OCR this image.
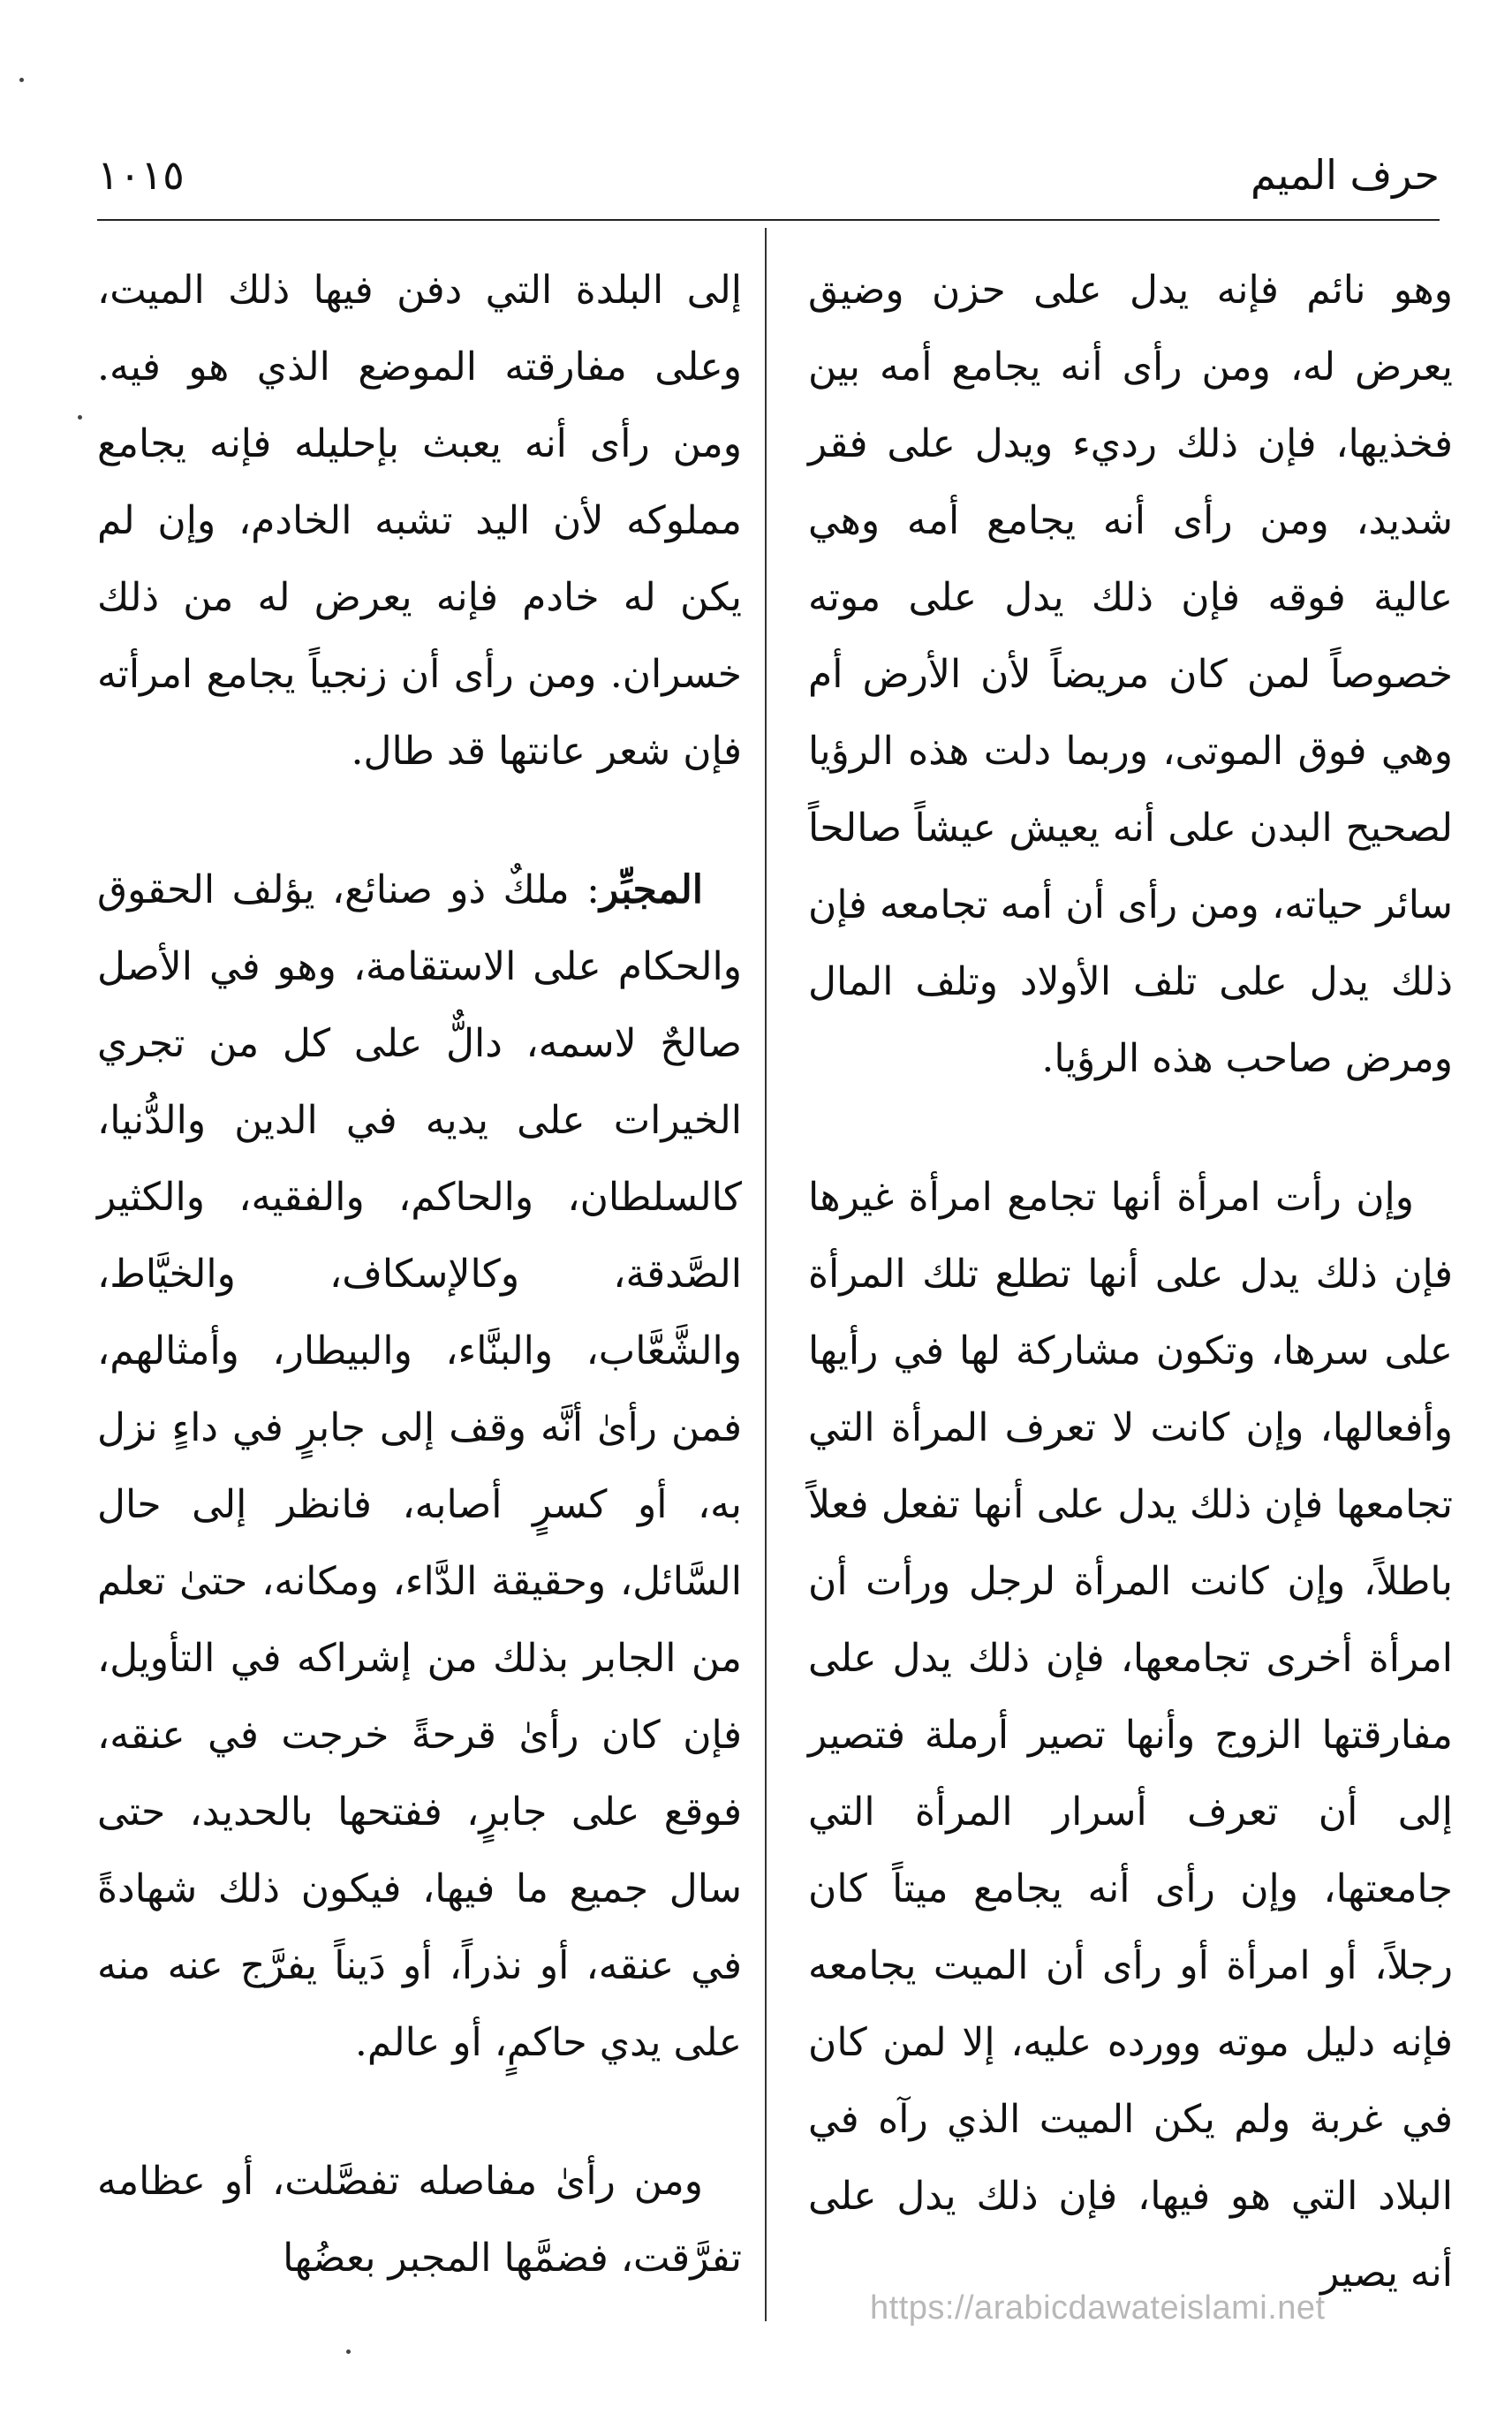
حرف الميم
١٠١٥

وهو نائم فإنه يدل على حزن وضيق يعرض له، ومن رأى أنه يجامع أمه بين فخذيها، فإن ذلك رديء ويدل على فقر شديد، ومن رأى أنه يجامع أمه وهي عالية فوقه فإن ذلك يدل على موته خصوصاً لمن كان مريضاً لأن الأرض أم وهي فوق الموتى، وربما دلت هذه الرؤيا لصحيح البدن على أنه يعيش عيشاً صالحاً سائر حياته، ومن رأى أن أمه تجامعه فإن ذلك يدل على تلف الأولاد وتلف المال ومرض صاحب هذه الرؤيا.

وإن رأت امرأة أنها تجامع امرأة غيرها فإن ذلك يدل على أنها تطلع تلك المرأة على سرها، وتكون مشاركة لها في رأيها وأفعالها، وإن كانت لا تعرف المرأة التي تجامعها فإن ذلك يدل على أنها تفعل فعلاً باطلاً، وإن كانت المرأة لرجل ورأت أن امرأة أخرى تجامعها، فإن ذلك يدل على مفارقتها الزوج وأنها تصير أرملة فتصير إلى أن تعرف أسرار المرأة التي جامعتها، وإن رأى أنه يجامع ميتاً كان رجلاً، أو امرأة أو رأى أن الميت يجامعه فإنه دليل موته وورده عليه، إلا لمن كان في غربة ولم يكن الميت الذي رآه في البلاد التي هو فيها، فإن ذلك يدل على أنه يصير

إلى البلدة التي دفن فيها ذلك الميت، وعلى مفارقته الموضع الذي هو فيه. ومن رأى أنه يعبث بإحليله فإنه يجامع مملوكه لأن اليد تشبه الخادم، وإن لم يكن له خادم فإنه يعرض له من ذلك خسران. ومن رأى أن زنجياً يجامع امرأته فإن شعر عانتها قد طال.

المجبِّر: ملكٌ ذو صنائع، يؤلف الحقوق والحكام على الاستقامة، وهو في الأصل صالحٌ لاسمه، دالٌّ على كل من تجري الخيرات على يديه في الدين والدُّنيا، كالسلطان، والحاكم، والفقيه، والكثير الصَّدقة، وكالإسكاف، والخيَّاط، والشَّعَّاب، والبنَّاء، والبيطار، وأمثالهم، فمن رأىٰ أنَّه وقف إلى جابرٍ في داءٍ نزل به، أو كسرٍ أصابه، فانظر إلى حال السَّائل، وحقيقة الدَّاء، ومكانه، حتىٰ تعلم من الجابر بذلك من إشراكه في التأويل، فإن كان رأىٰ قرحةً خرجت في عنقه، فوقع على جابرٍ، ففتحها بالحديد، حتى سال جميع ما فيها، فيكون ذلك شهادةً في عنقه، أو نذراً، أو دَيناً يفرَّج عنه منه على يدي حاكمٍ، أو عالم.

ومن رأىٰ مفاصله تفصَّلت، أو عظامه تفرَّقت، فضمَّها المجبر بعضُها

https://arabicdawateislami.net
